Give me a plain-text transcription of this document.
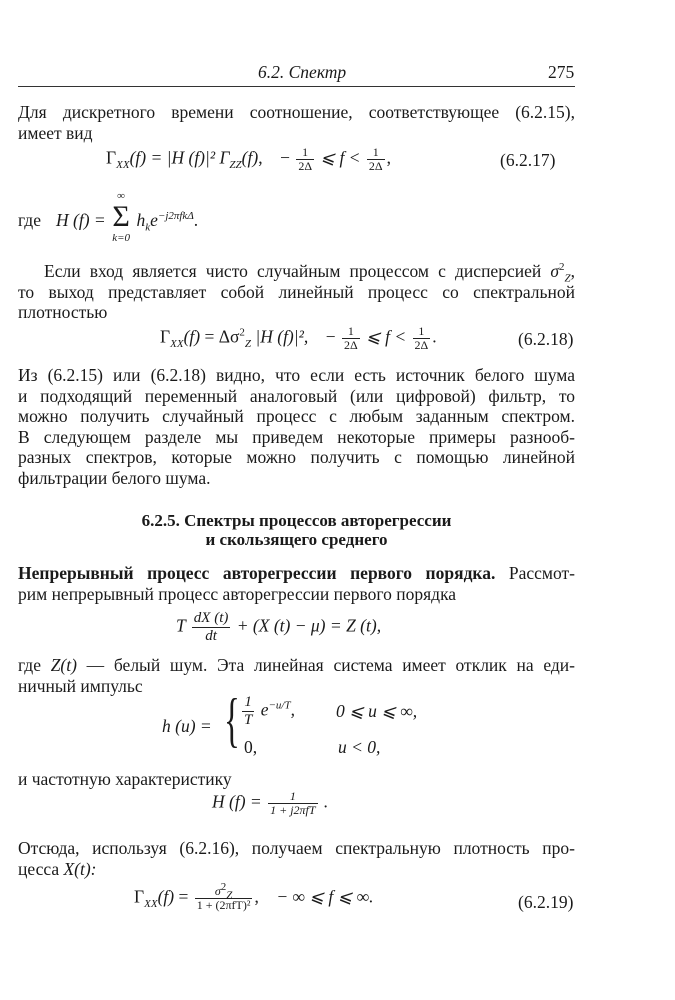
6.2. Спектр	275
Для дискретного времени соотношение, соответствующее (6.2.15),
имеет вид
$\Gamma_{XX}(f) = |H$ (f)|² $\Gamma_{ZZ}(f)$,    − $\frac{1}{2\Delta}$ ⩽ $f < \frac{1}{2\Delta}$ ,	(6.2.17)
где H (f) =
∞
Σ
k=0
$h_ke^{-j2\pi fk\Delta}$.
Если вход является чисто случайным процессом с дисперсией $\sigma^2_Z$,
то выход представляет собой линейный процесс со спектральной
плотностью
$\Gamma_{XX}(f) = \Delta\sigma^2_Z$ |H (f)|², − $\frac{1}{2\Delta}$ ⩽ $f < \frac{1}{2\Delta}$ .	(6.2.18)
Из (6.2.15) или (6.2.18) видно, что если есть источник белого шума
и подходящий переменный аналоговый (или цифровой) фильтр, то
можно получить случайный процесс с любым заданным спектром.
В следующем разделе мы приведем некоторые примеры разнооб-
разных спектров, которые можно получить с помощью линейной
фильтрации белого шума.
6.2.5. Спектры процессов авторегрессии
и скользящего среднего
Непрерывный процесс авторегрессии первого порядка. Рассмот-
рим непрерывный процесс авторегрессии первого порядка
T $\frac{dX (t)}{dt} + (X$ (t) − μ) = Z (t),
где Z(t) — белый шум. Эта линейная система имеет отклик на еди-
ничный импульс
h (u) = { $\frac{1}{T} e^{-u/T}$, 0 ⩽ u ⩽ ∞,
0,	u < 0,
и частотную характеристику
H $(f) = \frac{1}{\text{1 + j2πfT}}$ .
Отсюда, используя (6.2.16), получаем спектральную плотность про-
цесса X(t):
$\Gamma_{XX}(f) = \frac{\sigma^2_Z}{\text{1 + (2πfT)²}}$ ,    − ∞ ⩽ f ⩽ ∞.	(6.2.19)
